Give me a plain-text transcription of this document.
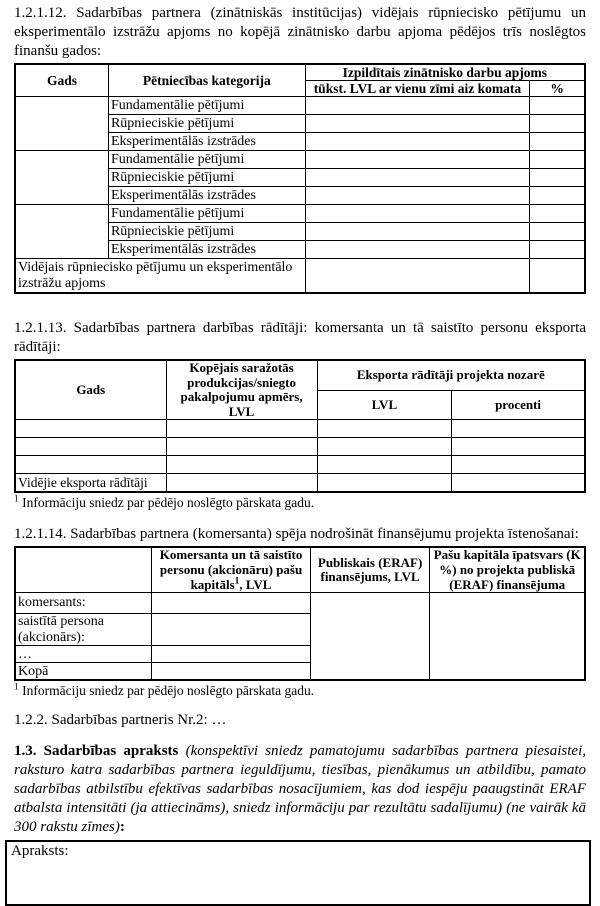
1.2.1.12. Sadarbības partnera (zinātniskās institūcijas) vidējais rūpniecisko pētījumu un eksperimentālo izstrāžu apjoms no kopējā zinātnisko darbu apjoma pēdējos trīs noslēgtos finanšu gados:

Gads	Pētniecības kategorija	Izpildītais zinātnisko darbu apjoms	
		tūkst. LVL ar vienu zīmi aiz komata	%
	Fundamentālie pētījumi		
	Rūpnieciskie pētījumi		
	Eksperimentālās izstrādes		
	Fundamentālie pētījumi		
	Rūpnieciskie pētījumi		
	Eksperimentālās izstrādes		
	Fundamentālie pētījumi		
	Rūpnieciskie pētījumi		
	Eksperimentālās izstrādes		
Vidējais rūpniecisko pētījumu un eksperimentālo izstrāžu apjoms			

1.2.1.13. Sadarbības partnera darbības rādītāji: komersanta un tā saistīto personu eksporta rādītāji:

Gads	Kopējais saražotās produkcijas/sniegto pakalpojumu apmērs, LVL	Eksporta rādītāji projekta nozarē	
		LVL	procenti

Vidējie eksporta rādītāji			

$^1$ Informāciju sniedz par pēdējo noslēgto pārskata gadu.

1.2.1.14. Sadarbības partnera (komersanta) spēja nodrošināt finansējumu projekta īstenošanai:

	Komersanta un tā saistīto personu (akcionāru) pašu kapitāls$^1$, LVL	Publiskais (ERAF) finansējums, LVL	Pašu kapitāla īpatsvars (K %) no projekta publiskā (ERAF) finansējuma
komersants:			
saistītā persona (akcionārs):			
…			
Kopā			

$^1$ Informāciju sniedz par pēdējo noslēgto pārskata gadu.

1.2.2. Sadarbības partneris Nr.2: …

1.3. Sadarbības apraksts (konspektīvi sniedz pamatojumu sadarbības partnera piesaistei, raksturo katra sadarbības partnera ieguldījumu, tiesības, pienākumus un atbildību, pamato sadarbības atbilstību efektīvas sadarbības nosacījumiem, kas dod iespēju paaugstināt ERAF atbalsta intensitāti (ja attiecināms), sniedz informāciju par rezultātu sadalījumu) (ne vairāk kā 300 rakstu zīmes):

Apraksts:
